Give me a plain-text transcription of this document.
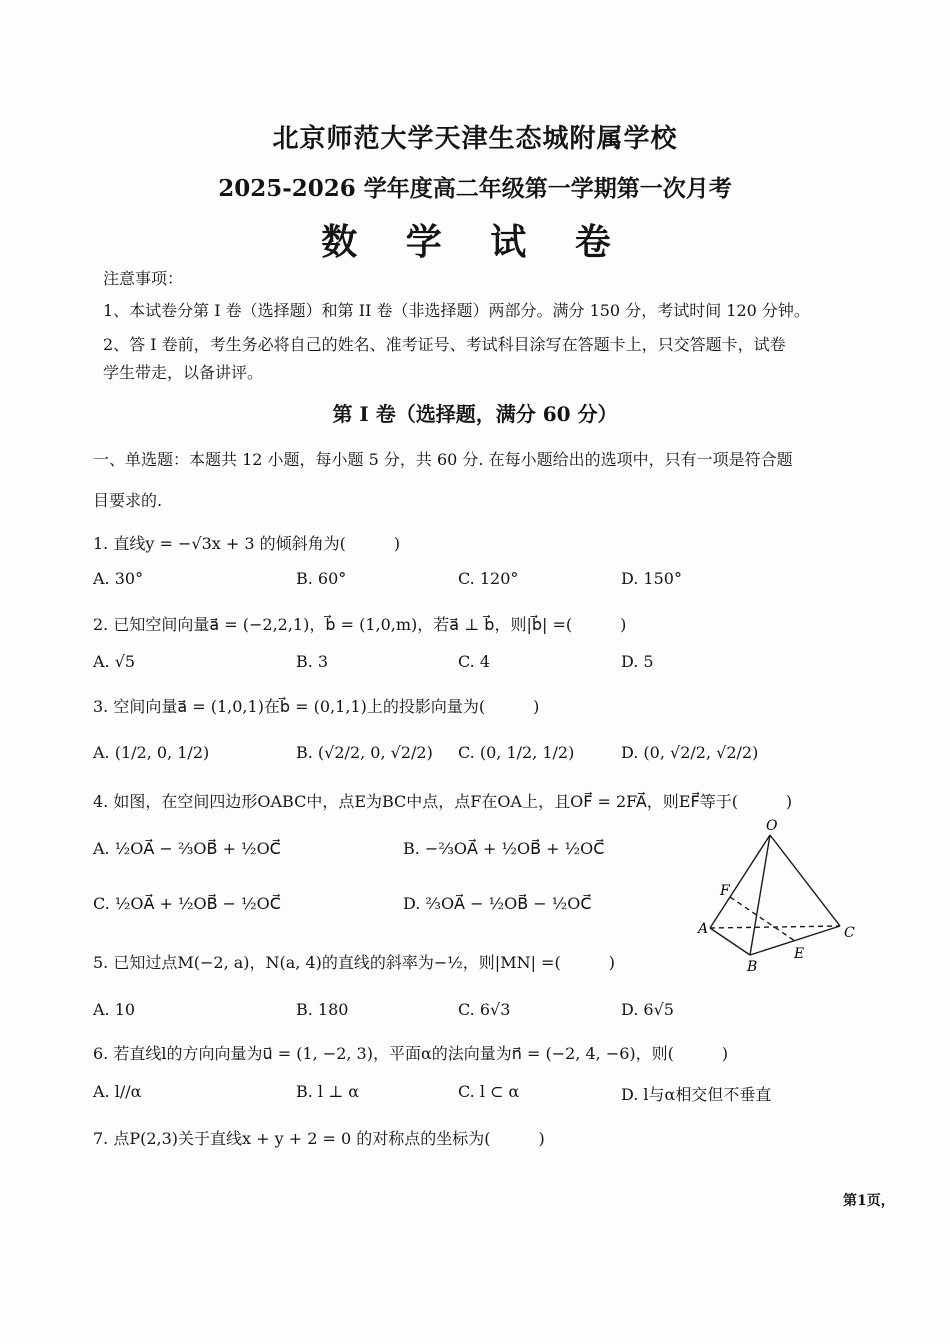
北京师范大学天津生态城附属学校
2025-2026 学年度高二年级第一学期第一次月考
数 学 试 卷
注意事项：
1、本试卷分第 I 卷（选择题）和第 II 卷（非选择题）两部分。满分 150 分，考试时间 120 分钟。
2、答 I 卷前，考生务必将自己的姓名、准考证号、考试科目涂写在答题卡上，只交答题卡，试卷
学生带走，以备讲评。
第 I 卷（选择题，满分 60 分）
一、单选题：本题共 12 小题，每小题 5 分，共 60 分. 在每小题给出的选项中，只有一项是符合题
目要求的.
1. 直线y = −√3x + 3 的倾斜角为(　　　)
A. 30°	B. 60°	C. 120°	D. 150°
2. 已知空间向量a⃗ = (−2,2,1)，b⃗ = (1,0,m)，若a⃗ ⊥ b⃗，则|b⃗| =(　　　)
A. √5	B. 3	C. 4	D. 5
3. 空间向量a⃗ = (1,0,1)在b⃗ = (0,1,1)上的投影向量为(　　　)
A. (1/2, 0, 1/2)	B. (√2/2, 0, √2/2) C. (0, 1/2, 1/2)	D. (0, √2/2, √2/2)
4. 如图，在空间四边形OABC中，点E为BC中点，点F在OA上，且OF⃗ = 2FA⃗，则EF⃗等于(　　　)
A. ½OA⃗ − ⅔OB⃗ + ½OC⃗	B. −⅔OA⃗ + ½OB⃗ + ½OC⃗
C. ½OA⃗ + ½OB⃗ − ½OC⃗	D. ⅔OA⃗ − ½OB⃗ − ½OC⃗
O
F
A
B
E
C
5. 已知过点M(−2, a)，N(a, 4)的直线的斜率为−½，则|MN| =(　　　)
A. 10	B. 180	C. 6√3	D. 6√5
6. 若直线l的方向向量为u⃗ = (1, −2, 3)，平面α的法向量为n⃗ = (−2, 4, −6)，则(　　　)
A. l//α	B. l ⊥ α	C. l ⊂ α	D. l与α相交但不垂直
7. 点P(2,3)关于直线x + y + 2 = 0 的对称点的坐标为(　　　)
第1页，
